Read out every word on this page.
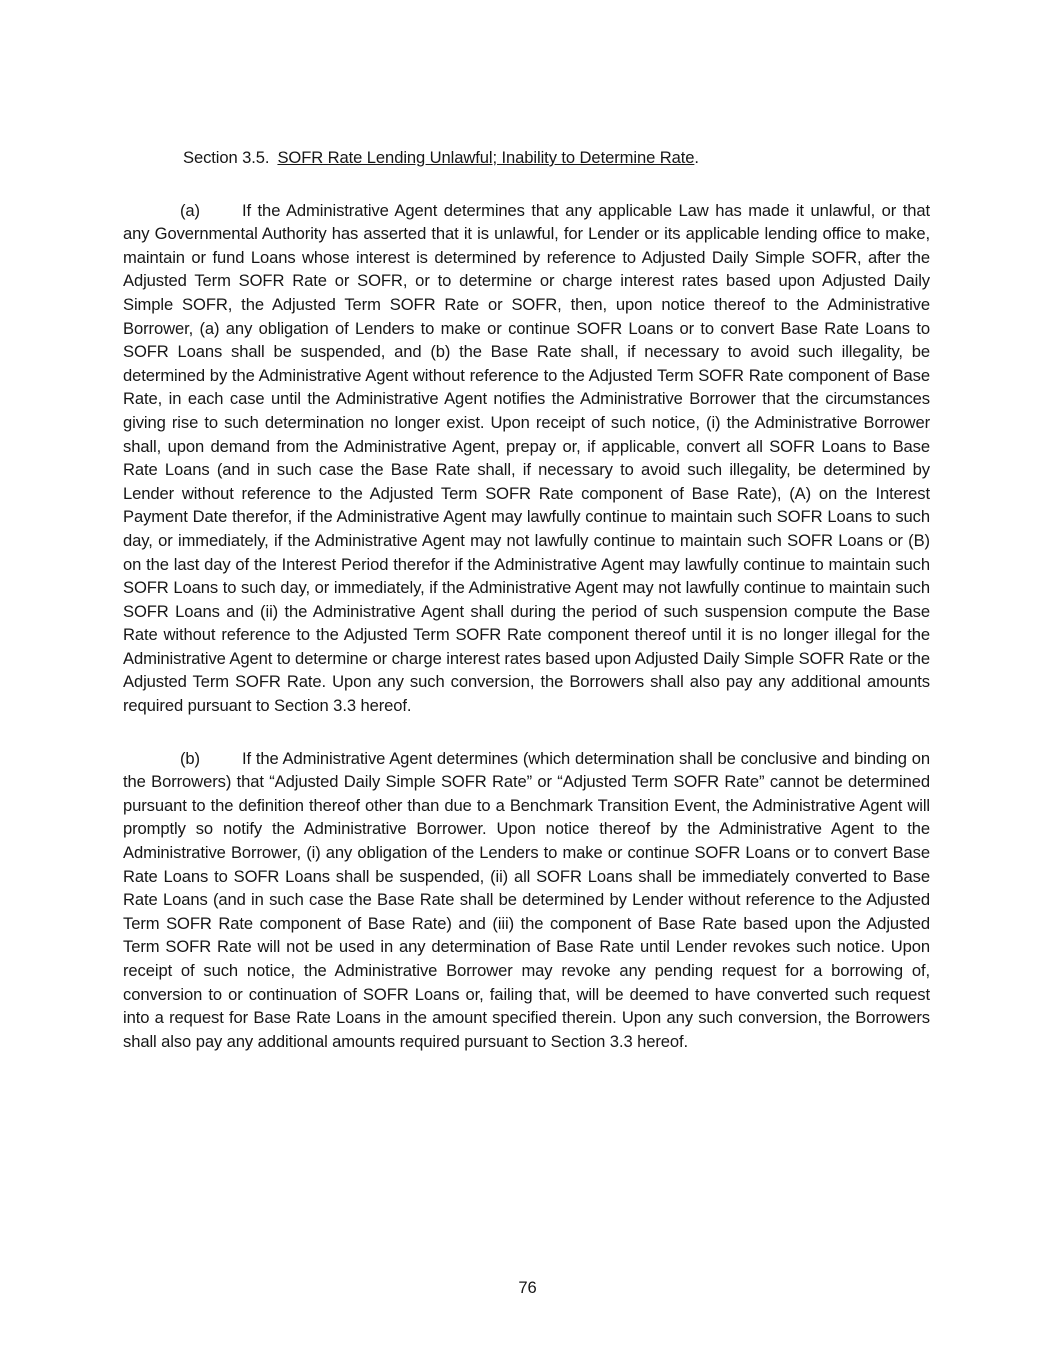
Section 3.5. SOFR Rate Lending Unlawful; Inability to Determine Rate.

(a)	If the Administrative Agent determines that any applicable Law has made it unlawful, or that any Governmental Authority has asserted that it is unlawful, for Lender or its applicable lending office to make, maintain or fund Loans whose interest is determined by reference to Adjusted Daily Simple SOFR, after the Adjusted Term SOFR Rate or SOFR, or to determine or charge interest rates based upon Adjusted Daily Simple SOFR, the Adjusted Term SOFR Rate or SOFR, then, upon notice thereof to the Administrative Borrower, (a) any obligation of Lenders to make or continue SOFR Loans or to convert Base Rate Loans to SOFR Loans shall be suspended, and (b) the Base Rate shall, if necessary to avoid such illegality, be determined by the Administrative Agent without reference to the Adjusted Term SOFR Rate component of Base Rate, in each case until the Administrative Agent notifies the Administrative Borrower that the circumstances giving rise to such determination no longer exist. Upon receipt of such notice, (i) the Administrative Borrower shall, upon demand from the Administrative Agent, prepay or, if applicable, convert all SOFR Loans to Base Rate Loans (and in such case the Base Rate shall, if necessary to avoid such illegality, be determined by Lender without reference to the Adjusted Term SOFR Rate component of Base Rate), (A) on the Interest Payment Date therefor, if the Administrative Agent may lawfully continue to maintain such SOFR Loans to such day, or immediately, if the Administrative Agent may not lawfully continue to maintain such SOFR Loans or (B) on the last day of the Interest Period therefor if the Administrative Agent may lawfully continue to maintain such SOFR Loans to such day, or immediately, if the Administrative Agent may not lawfully continue to maintain such SOFR Loans and (ii) the Administrative Agent shall during the period of such suspension compute the Base Rate without reference to the Adjusted Term SOFR Rate component thereof until it is no longer illegal for the Administrative Agent to determine or charge interest rates based upon Adjusted Daily Simple SOFR Rate or the Adjusted Term SOFR Rate. Upon any such conversion, the Borrowers shall also pay any additional amounts required pursuant to Section 3.3 hereof.

(b)	If the Administrative Agent determines (which determination shall be conclusive and binding on the Borrowers) that “Adjusted Daily Simple SOFR Rate” or “Adjusted Term SOFR Rate” cannot be determined pursuant to the definition thereof other than due to a Benchmark Transition Event, the Administrative Agent will promptly so notify the Administrative Borrower. Upon notice thereof by the Administrative Agent to the Administrative Borrower, (i) any obligation of the Lenders to make or continue SOFR Loans or to convert Base Rate Loans to SOFR Loans shall be suspended, (ii) all SOFR Loans shall be immediately converted to Base Rate Loans (and in such case the Base Rate shall be determined by Lender without reference to the Adjusted Term SOFR Rate component of Base Rate) and (iii) the component of Base Rate based upon the Adjusted Term SOFR Rate will not be used in any determination of Base Rate until Lender revokes such notice. Upon receipt of such notice, the Administrative Borrower may revoke any pending request for a borrowing of, conversion to or continuation of SOFR Loans or, failing that, will be deemed to have converted such request into a request for Base Rate Loans in the amount specified therein. Upon any such conversion, the Borrowers shall also pay any additional amounts required pursuant to Section 3.3 hereof.

76
